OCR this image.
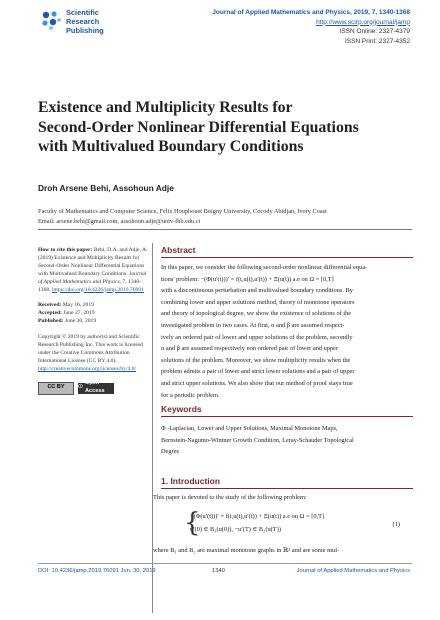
Scientific
Research
Publishing
Journal of Applied Mathematics and Physics, 2019, 7, 1340-1368
http://www.scirp.org/journal/jamp
ISSN Online: 2327-4379
ISSN Print: 2327-4352
Existence and Multiplicity Results for
Second-Order Nonlinear Differential Equations
with Multivalued Boundary Conditions
Droh Arsene Behi, Assohoun Adje
Faculty of Mathematics and Computer Science, Felix Houphouet Boigny University, Cocody Abidjan, Ivory Coast
Email: arsene.behi@gmail.com, assohoun.adje@univ-fhb.edu.ci

How to cite this paper: Behi, D.A. and Adje, A. (2019) Existence and Multiplicity Results for Second-Order Nonlinear Differential Equations with Multivalued Boundary Conditions. Journal of Applied Mathematics and Physics, 7, 1340-1368. https://doi.org/10.4236/jamp.2019.76091

Received: May 16, 2019
Accepted: June 27, 2019
Published: June 30, 2019

Copyright © 2019 by author(s) and Scientific Research Publishing Inc. This work is licensed under the Creative Commons Attribution International License (CC BY 4.0).
http://creativecommons.org/licenses/by/4.0/

CC BY	☉
Open Access
Abstract
In this paper, we consider the following second-order nonlinear differential equa-
tions' problem: −(Φ(u′(t)))′ = f(t,u(t),u′(t)) + Ξ(u(t)) a.e on Ω = [0,T]
with a discontinuous perturbation and multivalued boundary conditions. By
combining lower and upper solutions method, theory of monotone operators
and theory of topological degree, we show the existence of solutions of the
investigated problem in two cases. At first, α and β are assumed respect-
ively an ordered pair of lower and upper solutions of the problem, secondly
α and β are assumed respectively non ordered pair of lower and upper
solutions of the problem. Moreover, we show multiplicity results when the
problem admits a pair of lower and strict lower solutions and a pair of upper
and strict upper solutions. We also show that our method of proof stays true
for a periodic problem.
Keywords
Φ -Laplacian, Lower and Upper Solutions, Maximal Monotone Maps,
Bernstein-Nagumo-Wintner Growth Condition, Leray-Schauder Topological
Degree
1. Introduction
This paper is devoted to the study of the following problem:
{
−(Φ(u′(t)))′ = f(t,u(t),u′(t)) + Ξ(u(t)) a.e on Ω = [0,T]
u′(0) ∈ B₁(u(0)), −u′(T) ∈ B₂(u(T))
(1)
where B₁ and B₂ are maximal monotone graphs in ℝ² and are some mul-
DOI: 10.4236/jamp.2019.76091 Jun. 30, 2019	1340	Journal of Applied Mathematics and Physics
